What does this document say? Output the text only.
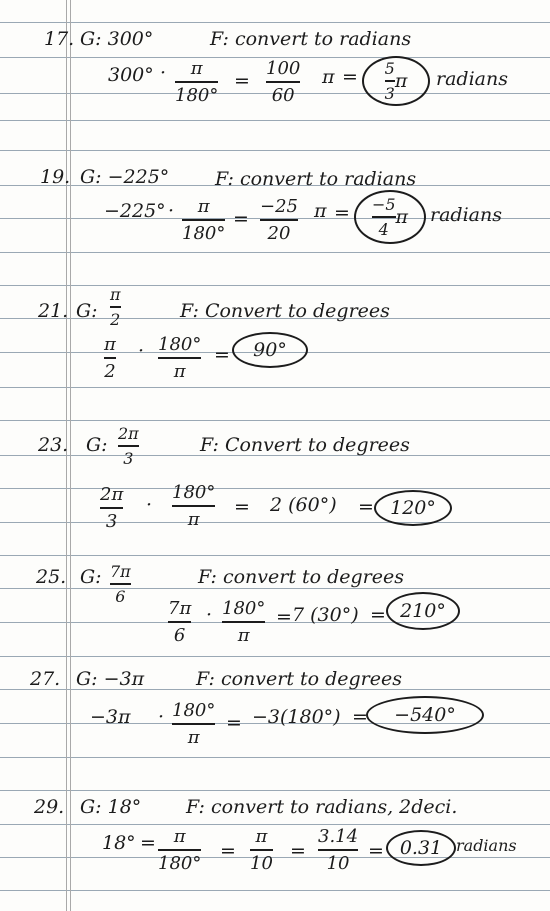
17. G: 300°	F: convert to radians
300° · π
180°
=
100
60
$\pi = \frac{5}{3}$ π radians
19. G: −225° F: convert to radians
−225° · π
180°
=
−25
20
$\pi = \frac{-5}{4}$ π radians
21. G:
π
2	F: Convert to degrees
π
2
· 180°
π
= 90°
23. G:
2π
3
F: Convert to degrees
2π
3
·
180°
π
= 2 (60°) = 120°
25. G: 7π
6
F: convert to degrees
7π
6
· 180°
π
= 7 (30°) = 210°
27. G: −3π	F: convert to degrees
−3π · 180°
π
= −3(180°) = −540°
29. G: 18° F: convert to radians, 2deci.
18° = π
180°
=
π
10
=
3.14
10
= 0.31 radians
